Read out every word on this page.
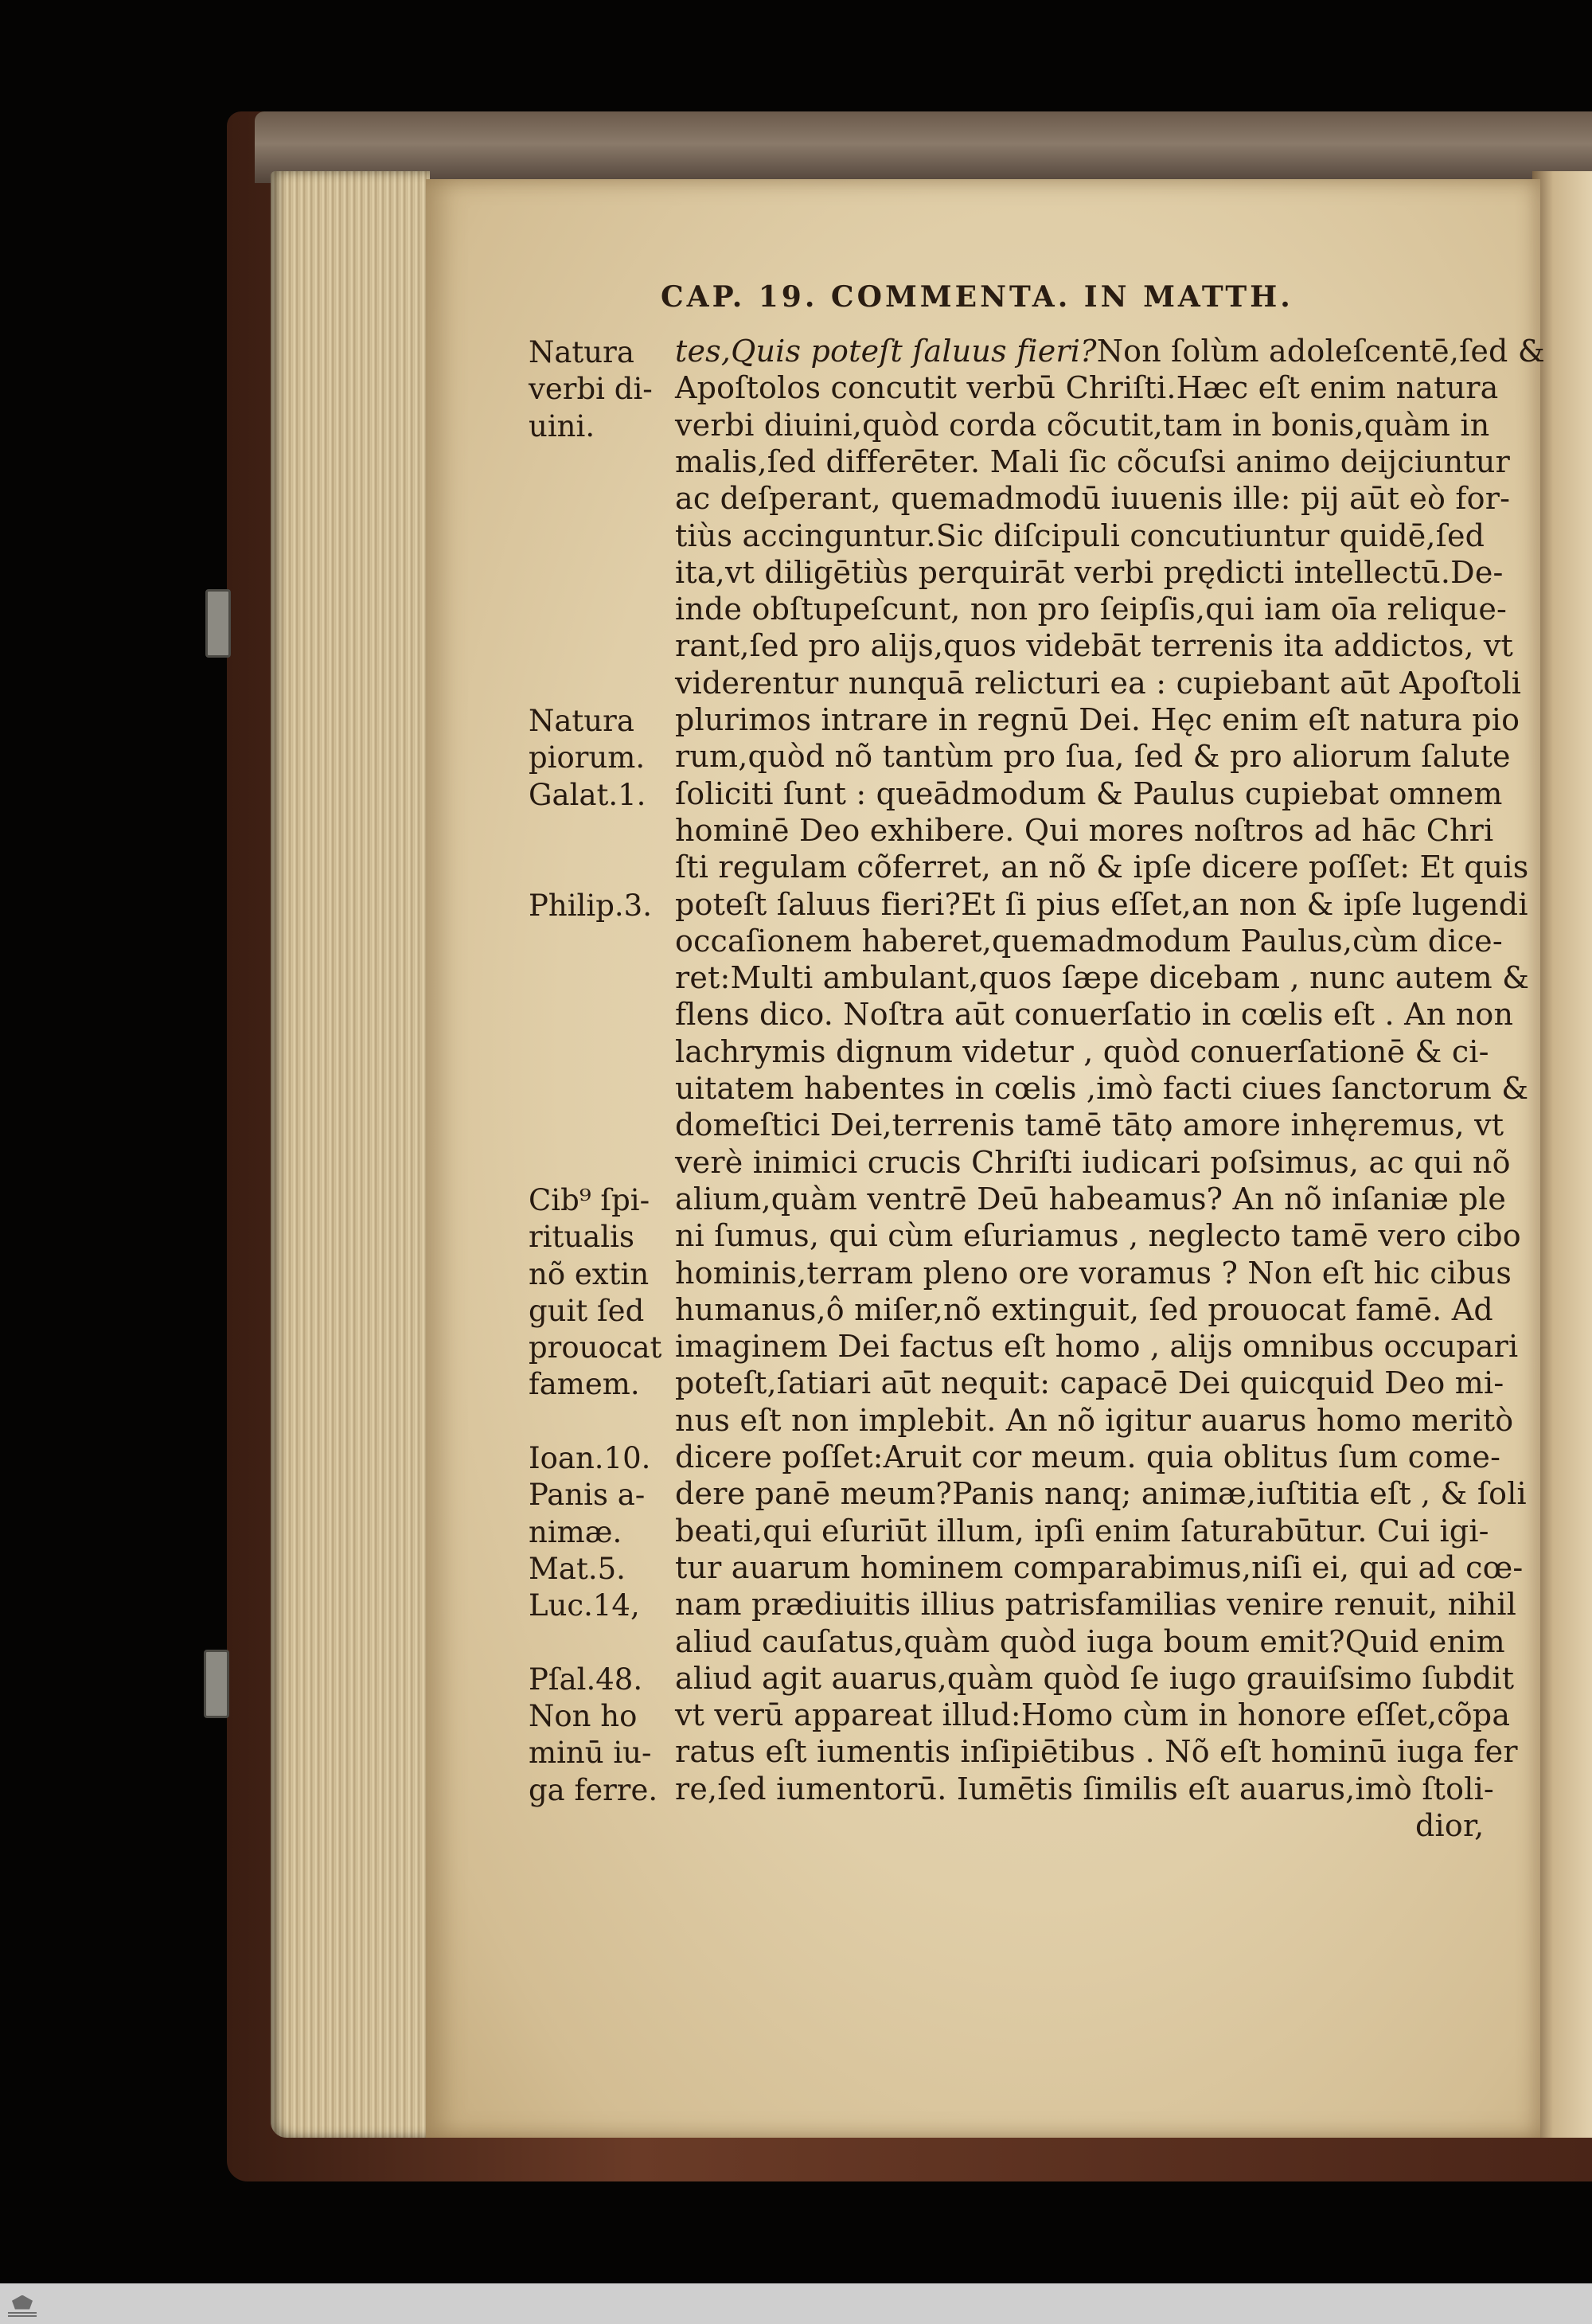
CAP. 19. COMMENTA. IN MATTH.
tes,Quis poteſt ſaluus fieri?Non ſolùm adoleſcentē,ſed &
Apoſtolos concutit verbū Chriſti.Hæc eſt enim natura
verbi diuini,quòd corda cõcutit,tam in bonis,quàm in
malis,ſed differēter. Mali ſic cõcuſsi animo deijciuntur
ac deſperant, quemadmodū iuuenis ille: pij aūt eò for-
tiùs accinguntur.Sic diſcipuli concutiuntur quidē,ſed
ita,vt diligētiùs perquirāt verbi prędicti intellectū.De-
inde obſtupeſcunt, non pro ſeipſis,qui iam oīa relique-
rant,ſed pro alijs,quos videbāt terrenis ita addictos, vt
viderentur nunquā relicturi ea : cupiebant aūt Apoſtoli
plurimos intrare in regnū Dei. Hęc enim eſt natura pio
rum,quòd nõ tantùm pro ſua, ſed & pro aliorum ſalute
ſoliciti ſunt : queādmodum & Paulus cupiebat omnem
hominē Deo exhibere. Qui mores noſtros ad hāc Chri
ſti regulam cõferret, an nõ & ipſe dicere poſſet: Et quis
poteſt ſaluus fieri?Et ſi pius eſſet,an non & ipſe lugendi
occaſionem haberet,quemadmodum Paulus,cùm dice-
ret:Multi ambulant,quos ſæpe dicebam , nunc autem &
flens dico. Noſtra aūt conuerſatio in cœlis eſt . An non
lachrymis dignum videtur , quòd conuerſationē & ci-
uitatem habentes in cœlis ,imò facti ciues ſanctorum &
domeſtici Dei,terrenis tamē tātọ amore inhęremus, vt
verè inimici crucis Chriſti iudicari poſsimus, ac qui nõ
alium,quàm ventrē Deū habeamus? An nõ inſaniæ ple
ni ſumus, qui cùm eſuriamus , neglecto tamē vero cibo
hominis,terram pleno ore voramus ? Non eſt hic cibus
humanus,ô miſer,nõ extinguit, ſed prouocat famē. Ad
imaginem Dei factus eſt homo , alijs omnibus occupari
poteſt,ſatiari aūt nequit: capacē Dei quicquid Deo mi-
nus eſt non implebit. An nõ igitur auarus homo meritò
dicere poſſet:Aruit cor meum. quia oblitus ſum come-
dere panē meum?Panis nanq; animæ,iuſtitia eſt , & ſoli
beati,qui eſuriūt illum, ipſi enim ſaturabūtur. Cui igi-
tur auarum hominem comparabimus,niſi ei, qui ad cœ-
nam prædiuitis illius patrisfamilias venire renuit, nihil
aliud cauſatus,quàm quòd iuga boum emit?Quid enim
aliud agit auarus,quàm quòd ſe iugo grauiſsimo ſubdit
vt verū appareat illud:Homo cùm in honore eſſet,cõpa
ratus eſt iumentis inſipiētibus . Nõ eſt hominū iuga fer
re,ſed iumentorū. Iumētis ſimilis eſt auarus,imò ſtoli-
dior,
Natura
verbi di-
uini.
Natura
piorum.
Galat.1.
Philip.3.
Cib⁹ ſpi-
ritualis
nõ extin
guit ſed
prouocat
famem.
Ioan.10.
Panis a-
nimæ.
Mat.5.
Luc.14,
Pſal.48.
Non ho
minū iu-
ga ferre.
